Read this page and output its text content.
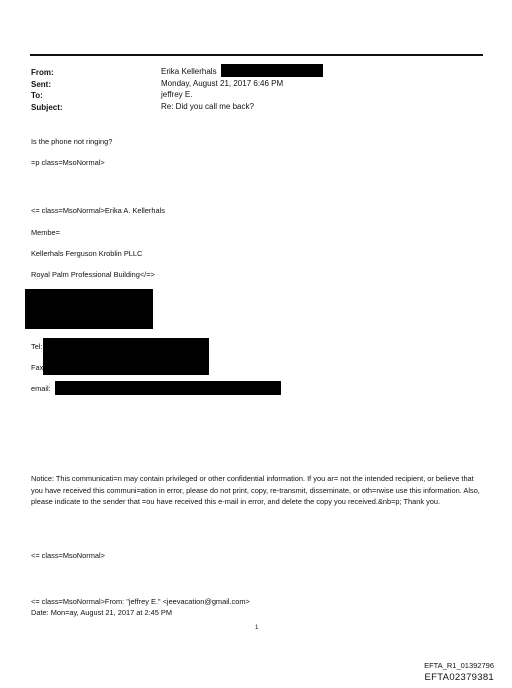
From:	Erika Kellerhals
Sent:	Monday, August 21, 2017 6:46 PM
To:	jeffrey E.
Subject:	Re: Did you call me back?
Is the phone not ringing?
=p class=MsoNormal>
<= class=MsoNormal>Erika A. Kellerhals
Membe=
Kellerhals Ferguson Kroblin PLLC
Royal Palm Professional Building</=>
Tel:
Fax
email:
Notice: This communicati=n may contain privileged or other confidential information. If you ar= not the intended recipient, or believe that you have received this communi=ation in error, please do not print, copy, re-transmit, disseminate, or oth=rwise use this information. Also, please indicate to the sender that =ou have received this e-mail in error, and delete the copy you received.&nb=p; Thank you.
<= class=MsoNormal>
<= class=MsoNormal>From: "jeffrey E." <jeevacation@gmail.com>
Date: Mon=ay, August 21, 2017 at 2:45 PM
1
EFTA_R1_01392796
EFTA02379381
